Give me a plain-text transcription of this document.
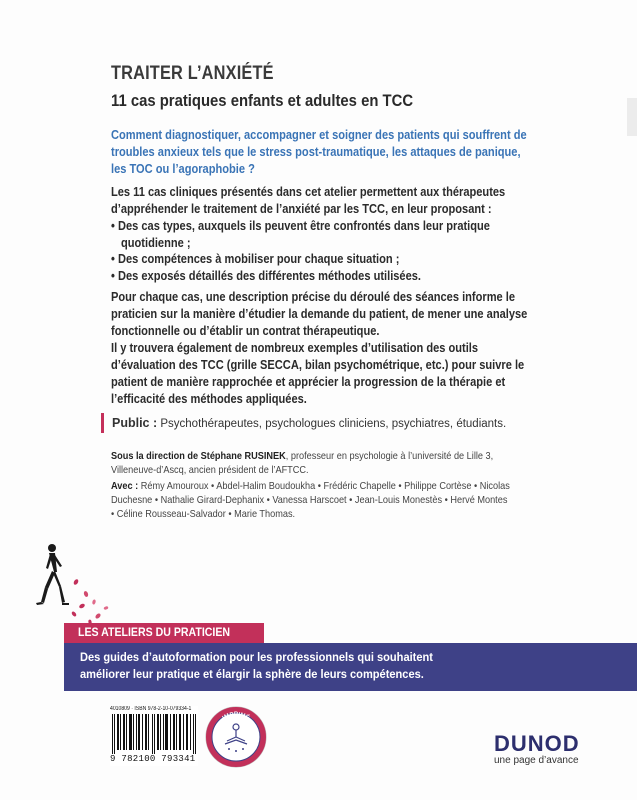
TRAITER L’ANXIÉTÉ
11 cas pratiques enfants et adultes en TCC

Comment diagnostiquer, accompagner et soigner des patients qui souffrent de

troubles anxieux tels que le stress post-traumatique, les attaques de panique,

les TOC ou l’agoraphobie ?

Les 11 cas cliniques présentés dans cet atelier permettent aux thérapeutes

d’appréhender le traitement de l’anxiété par les TCC, en leur proposant :

• Des cas types, auxquels ils peuvent être confrontés dans leur pratique
quotidienne ;
• Des compétences à mobiliser pour chaque situation ;
• Des exposés détaillés des différentes méthodes utilisées.

Pour chaque cas, une description précise du déroulé des séances informe le

praticien sur la manière d’étudier la demande du patient, de mener une analyse

fonctionnelle ou d’établir un contrat thérapeutique.

Il y trouvera également de nombreux exemples d’utilisation des outils

d’évaluation des TCC (grille SECCA, bilan psychométrique, etc.) pour suivre le

patient de manière rapprochée et apprécier la progression de la thérapie et

l’efficacité des méthodes appliquées.

Public : Psychothérapeutes, psychologues cliniciens, psychiatres, étudiants.

Sous la direction de Stéphane RUSINEK, professeur en psychologie à l’université de Lille 3,

Villeneuve-d’Ascq, ancien président de l’AFTCC.

Avec : Rémy Amouroux • Abdel-Halim Boudoukha • Frédéric Chapelle • Philippe Cortèse • Nicolas

Duchesne • Nathalie Girard-Dephanix • Vanessa Harscoet • Jean-Louis Monestès • Hervé Montes

• Céline Rousseau-Salvador • Marie Thomas.

LES ATELIERS DU PRATICIEN

Des guides d’autoformation pour les professionnels qui souhaitent

améliorer leur pratique et élargir la sphère de leurs compétences.

4010809 · ISBN 978-2-10-079334-1
9 782100 793341
IMPRIMÉ
EN FRANCE	DUNOD
une page d’avance
